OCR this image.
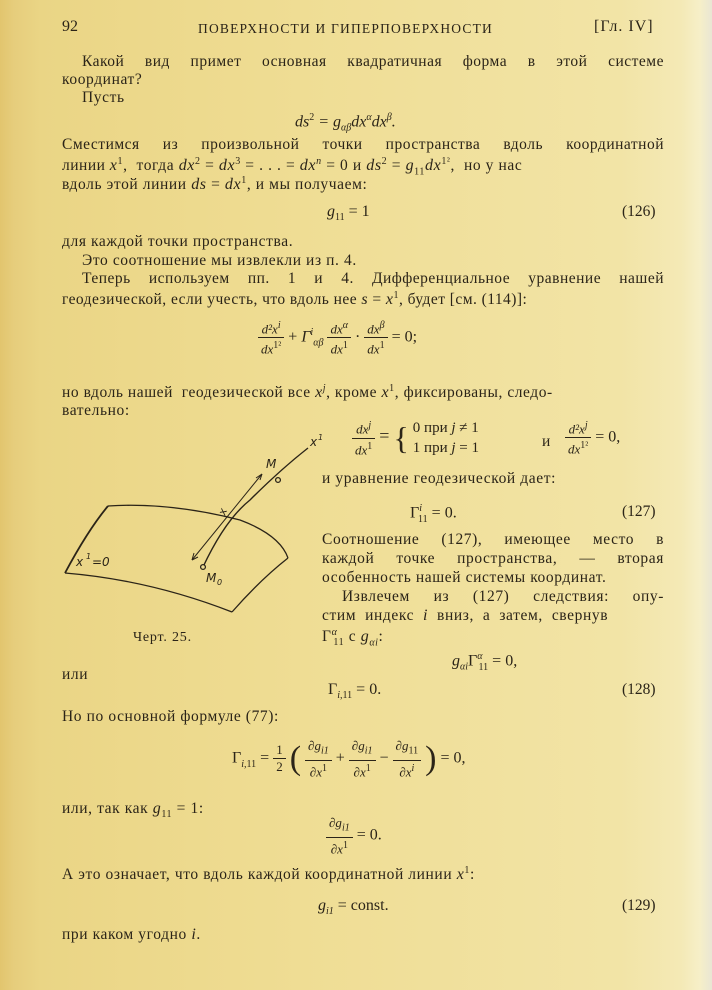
92	ПОВЕРХНОСТИ И ГИПЕРПОВЕРХНОСТИ	[Гл. IV]
Какой вид примет основная квадратичная форма в этой системе
координат?
Пусть
$ds^2 = g_{\alpha\beta}dx^\alpha dx^\beta$.
Сместимся из произвольной точки пространства вдоль координатной
линии $x^1$,  тогда $dx^2 = dx^3$ = . . . = $dx^n = 0$ и $ds^2 = g_{11}dx^{1^2}$,  но у нас
вдоль этой линии ds = $dx^1$, и мы получаем:
$g_{11} = 1$	(126)
для каждой точки пространства.
Это соотношение мы извлекли из п. 4.
Теперь используем пп. 1 и 4. Дифференциальное уравнение нашей
геодезической, если учесть, что вдоль нее $s = x^1$, будет [см. (114)]:
$\frac{d^2x^i}{dx^{1^2}} + \Gamma^i_{\alpha\beta} \frac{dx^\alpha}{dx^1} \cdot \frac{dx^\beta}{dx^1} = 0$;
но вдоль нашей  геодезической все $x^j$, кроме $x^1$, фиксированы, следо-
вательно:
$\frac{dx^j}{dx^1}$ = { 0 при j ≠ 1
1 при j = 1	и $\frac{d^2x^j}{dx^{1^2}} = 0$,
и уравнение геодезической дает:
$\Gamma^i_{11} = 0$.	(127)
Соотношение (127), имеющее место в
каждой точке пространства, — вторая
особенность нашей системы координат.
Извлечем из (127) следствия: опу-
стим  индекс  i  вниз,  а  затем,  свернув
$\Gamma^\alpha_{11}$ с $g_{\alpha i}$:
$g_{\alpha i}\Gamma^\alpha_{11} = 0$,
или
$\Gamma_{i,11} = 0$.	(128)
Но по основной формуле (77):
$\Gamma_{i,11} = \frac{1}{2}$ ( $\frac{\partial g_{i1}}{\partial x^1} + \frac{\partial g_{i1}}{\partial x^1} - \frac{\partial g_{11}}{\partial x^i}$ ) = 0,
или, так как $g_{11} = 1$:
$\frac{\partial g_{i1}}{\partial x^1} = 0$.
А это означает, что вдоль каждой координатной линии $x^1$:
$g_{i1}$ = const.	(129)
при каком угодно i.
x 1
M
M 0
x 1 =0
x
Черт. 25.
